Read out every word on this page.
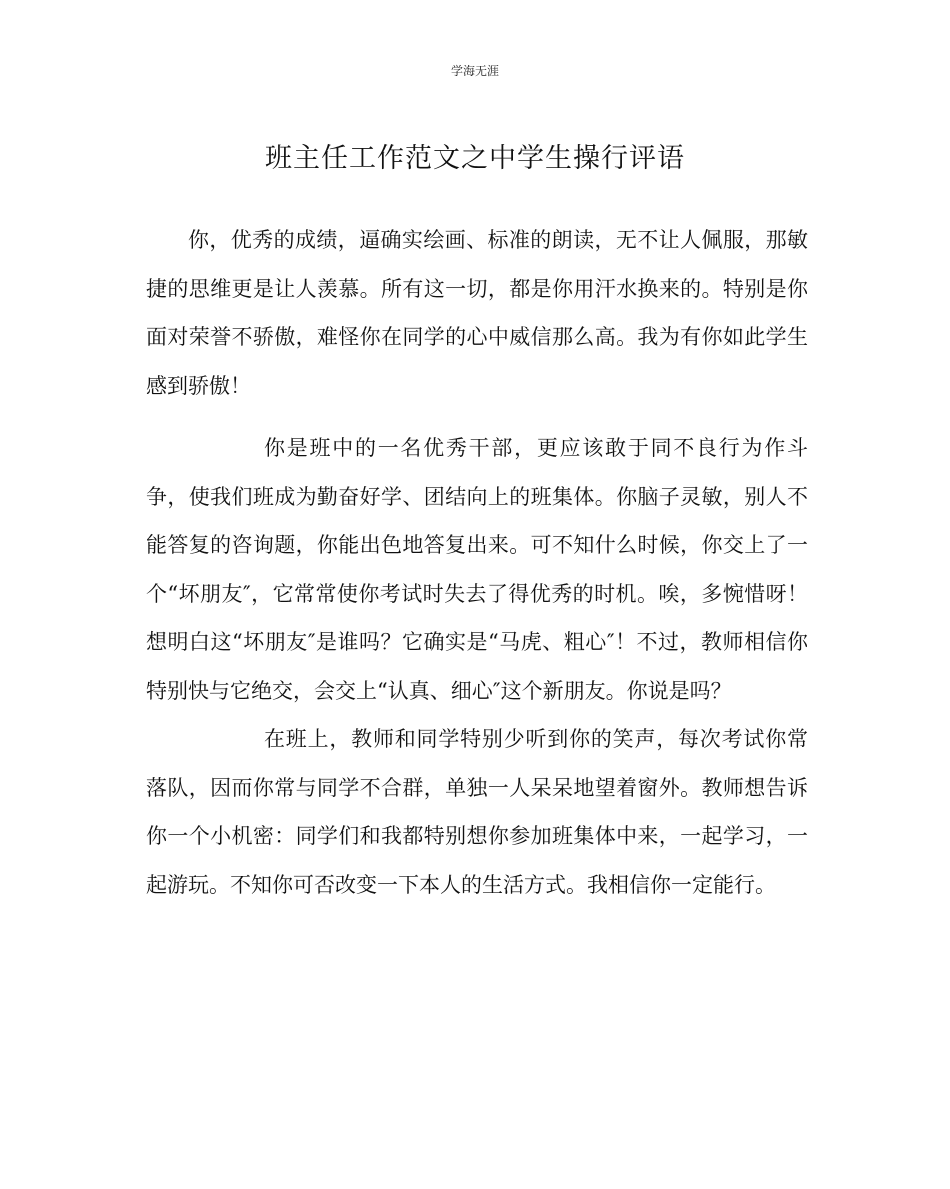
学海无涯
班主任工作范文之中学生操行评语

你，优秀的成绩，逼确实绘画、标准的朗读，无不让人佩服，那敏捷的思维更是让人羡慕。所有这一切，都是你用汗水换来的。特别是你面对荣誉不骄傲，难怪你在同学的心中威信那么高。我为有你如此学生感到骄傲！

你是班中的一名优秀干部，更应该敢于同不良行为作斗争，使我们班成为勤奋好学、团结向上的班集体。你脑子灵敏，别人不能答复的咨询题，你能出色地答复出来。可不知什么时候，你交上了一个“坏朋友″，它常常使你考试时失去了得优秀的时机。唉，多惋惜呀！想明白这“坏朋友″是谁吗？它确实是“马虎、粗心″！不过，教师相信你特别快与它绝交，会交上“认真、细心″这个新朋友。你说是吗？

在班上，教师和同学特别少听到你的笑声，每次考试你常落队，因而你常与同学不合群，单独一人呆呆地望着窗外。教师想告诉你一个小机密：同学们和我都特别想你参加班集体中来，一起学习，一起游玩。不知你可否改变一下本人的生活方式。我相信你一定能行。
